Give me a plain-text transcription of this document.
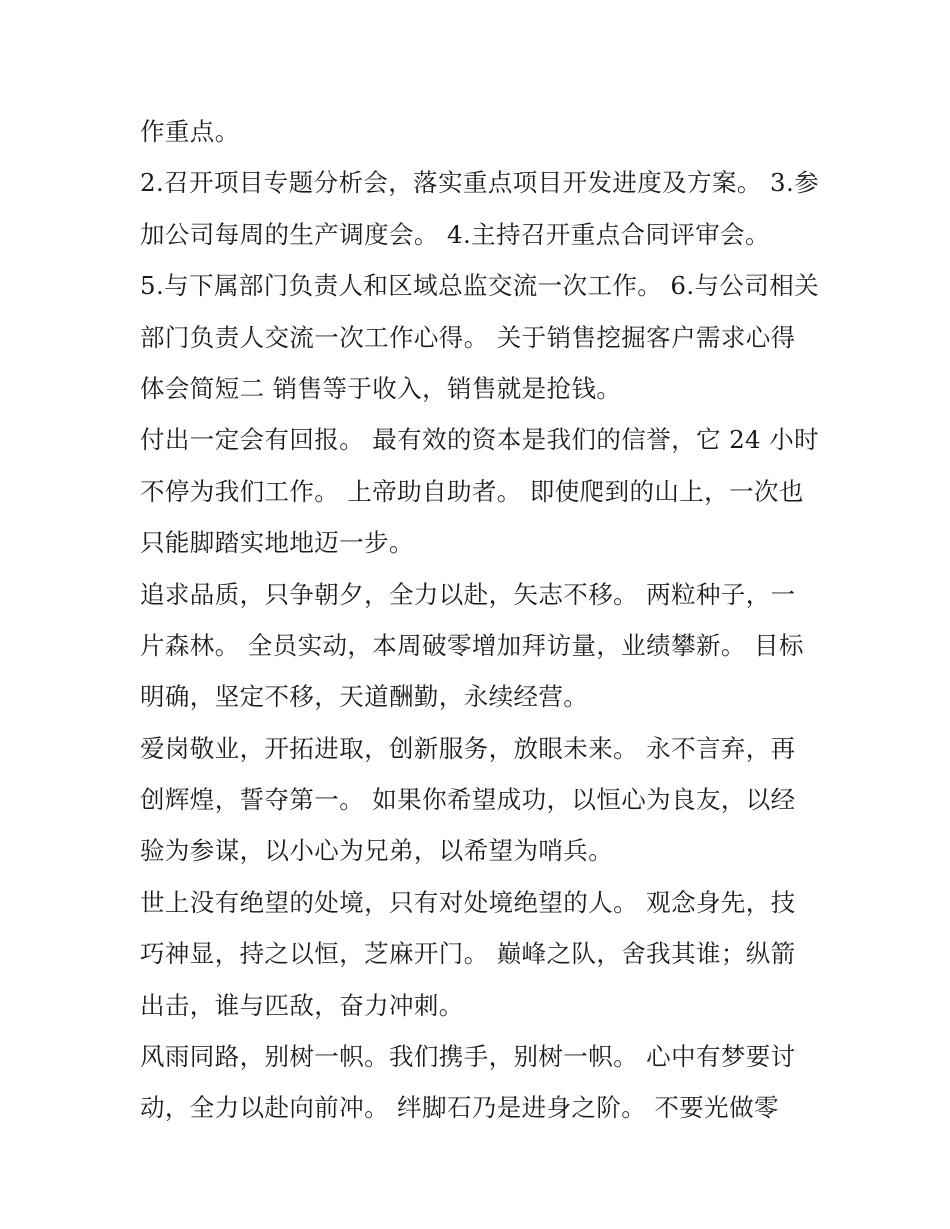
作重点。
2.召开项目专题分析会，落实重点项目开发进度及方案。 3.参
加公司每周的生产调度会。 4.主持召开重点合同评审会。
5.与下属部门负责人和区域总监交流一次工作。 6.与公司相关
部门负责人交流一次工作心得。 关于销售挖掘客户需求心得
体会简短二 销售等于收入，销售就是抢钱。
付出一定会有回报。 最有效的资本是我们的信誉，它 24 小时
不停为我们工作。 上帝助自助者。 即使爬到的山上，一次也
只能脚踏实地地迈一步。
追求品质，只争朝夕，全力以赴，矢志不移。 两粒种子，一
片森林。 全员实动，本周破零增加拜访量，业绩攀新。 目标
明确，坚定不移，天道酬勤，永续经营。
爱岗敬业，开拓进取，创新服务，放眼未来。 永不言弃，再
创辉煌，誓夺第一。 如果你希望成功，以恒心为良友，以经
验为参谋，以小心为兄弟，以希望为哨兵。
世上没有绝望的处境，只有对处境绝望的人。 观念身先，技
巧神显，持之以恒，芝麻开门。 巅峰之队，舍我其谁；纵箭
出击，谁与匹敌，奋力冲刺。
风雨同路，别树一帜。我们携手，别树一帜。 心中有梦要讨
动，全力以赴向前冲。 绊脚石乃是进身之阶。 不要光做零
